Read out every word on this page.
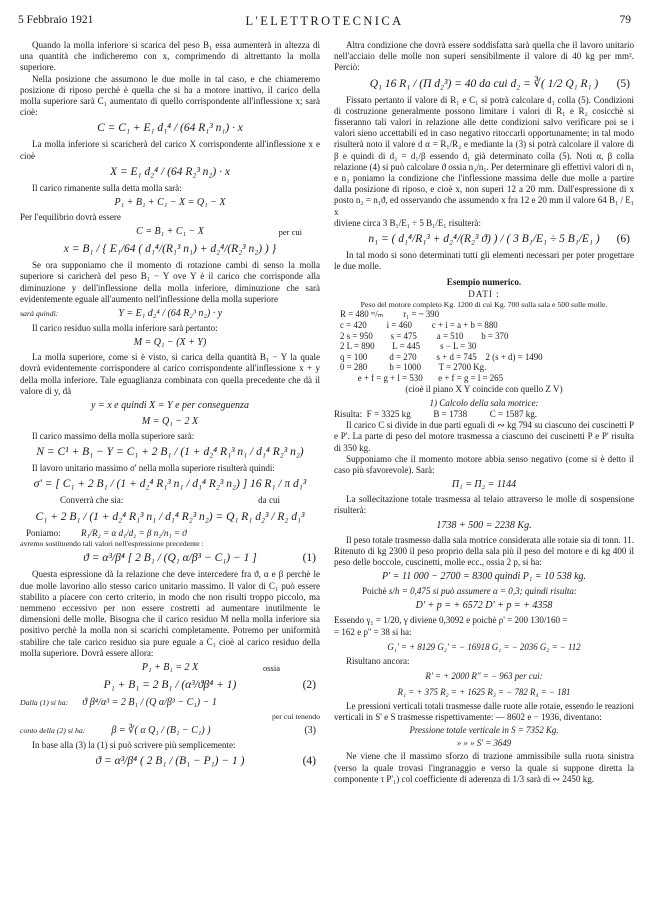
5 Febbraio 1921	L'ELETTROTECNICA	79

Quando la molla inferiore si scarica del peso B₁ essa aumenterà in altezza di una quantità che indicheremo con x, comprimendo di altrettanto la molla superiore.

Nella posizione che assumono le due molle in tal caso, e che chiameremo posizione di riposo perchè è quella che si ha a motore inattivo, il carico della molla superiore sarà C₁ aumentato di quello corrispondente all'inflessione x; sarà cioè:

C = C₁ + E₁ d₁⁴ / (64 R₁³ n₁) · x

La molla inferiore si scaricherà del carico X corrispondente all'inflessione x e cioè

X = E₁ d₂⁴ / (64 R₂³ n₂) · x

Il carico rimanente sulla detta molla sarà:

P₁ + B₁ + C₁ − X = Q₁ − X

Per l'equilibrio dovrà essere

C = B₁ + C₁ − X	per cui
x = B₁ / { E₁/64 ( d₁⁴/(R₁³ n₁) + d₂⁴/(R₂³ n₂) ) }

Se ora supponiamo che il momento di rotazione cambi di senso la molla superiore si caricherà del peso B₁ − Y ove Y è il carico che corrisponde alla diminuzione y dell'inflessione della molla inferiore, diminuzione che sarà evidentemente eguale all'aumento nell'inflessione della molla superiore

sarà quindi:	Y = E₁ d₂⁴ / (64 R₂³ n₂) · y

Il carico residuo sulla molla inferiore sarà pertanto:

M = Q₁ − (X + Y)

La molla superiore, come si è visto, si carica della quantità B₁ − Y la quale dovrà evidentemente corrispondere al carico corrispondente all'inflessione x + y della molla inferiore. Tale eguaglianza combinata con quella precedente che dà il valore di y, dà

y = x e quindi X = Y e per conseguenza
M = Q₁ − 2 X

Il carico massimo della molla superiore sarà:

N = C¹ + B₁ − Y = C₁ + 2 B₁ / (1 + d₂⁴ R₁³ n₁ / d₁⁴ R₂³ n₂)

Il lavoro unitario massimo σ' nella molla superiore risulterà quindi:

σ' = [ C₁ + 2 B₁ / (1 + d₂⁴ R₁³ n₁ / d₁⁴ R₂³ n₂) ] 16 R₁ / π d₁³

Converrà che sia:	da cui

C₁ + 2 B₁ / (1 + d₂⁴ R₁³ n₁ / d₁⁴ R₂³ n₂) = Q₁ R₁ d₂³ / R₂ d₁³

Poniamo: R₁/R₂ = α d₁/d₂ = β n₂/n₁ = ϑ

avremo sostituendo tali valori nell'espressione precedente :

ϑ = α³/β⁴ [ 2 B₁ / (Q₁ α/β³ − C₁) − 1 ]	(1)

Questa espressione dà la relazione che deve intercedere fra ϑ, α e β perchè le due molle lavorino allo stesso carico unitario massimo. Il valor di C₁ può essere stabilito a piacere con certo criterio, in modo che non risulti troppo piccolo, ma nemmeno eccessivo per non essere costretti ad aumentare inutilmente le dimensioni delle molle. Bisogna che il carico residuo M nella molla inferiore sia positivo perchè la molla non si scarichi completamente. Potremo per uniformità stabilire che tale carico residuo sia pure eguale a C₁ cioè al carico residuo della molla superiore. Dovrà essere allora:

P₁ + B₁ = 2 X	ossia
P₁ + B₁ = 2 B₁ / (α³/ϑβ⁴ + 1)	(2)
Dalla (1) si ha: ϑ β⁴/α³ = 2 B₁ / (Q α/β³ − C₁) − 1

per cui tenendo

conto della (2) si ha:	β = ∛( α Q₁ / (B₁ − C₁) )	(3)

In base alla (3) la (1) si può scrivere più semplicemente:

ϑ = α³/β⁴ ( 2 B₁ / (B₁ − P₁) − 1 )	(4)

Altra condizione che dovrà essere soddisfatta sarà quella che il lavoro unitario nell'acciaio delle molle non superi sensibilmente il valore di 40 kg per mm². Perciò:

Q₁ 16 R₁ / (Π d₂³) = 40 da cui d₂ = ∛( 1/2 Q₁ R₁ ) (5)

Fissato pertanto il valore di R₁ e C₁ si potrà calcolare d₁ colla (5). Condizioni di costruzione generalmente possono limitare i valori di R₁ e R₂ cosicchè si fisseranno tali valori in relazione alle dette condizioni salvo verificare poi se i valori sieno accettabili ed in caso negativo ritoccarli opportunamente; in tal modo risulterà noto il valore d α = R₁/R₂ e mediante la (3) si potrà calcolare il valore di β e quindi di d₂ = d₁/β essendo d₁ già determinato colla (5). Noti α, β colla relazione (4) si può calcolare ϑ ossia n₂/n₁. Per determinare gli effettivi valori di n₁ e n₂ poniamo la condizione che l'inflessione massima delle due molle a partire dalla posizione di riposo, e cioè x, non superi 12 a 20 mm. Dall'espressione di x posto n₂ = n₁ϑ, ed osservando che assumendo x fra 12 e 20 mm il valore 64 B₁ / E₁ x

diviene circa 3 B₁/E₁ ÷ 5 B₁/E₁ risulterà:

n₁ = ( d₁⁴/R₁³ + d₂⁴/(R₂³ ϑ) ) / ( 3 B₁/E₁ ÷ 5 B₁/E₁ ) (6)

In tal modo si sono determinati tutti gli elementi necessari per poter progettare le due molle.

Esempio numerico.

DATI :

Peso del motore completo Kg. 1200 di cui Kg. 700 sulla sala e 500 sulle molle.

R = 480 ᵐ/ₘ         r₁ = ~ 390
c = 420         i = 460         c + i = a + b = 880
2 s = 950        s = 475         a = 510        b = 370
2 L = 890        L = 445         s − L = 30
q = 100          d = 270         s + d = 745    2 (s + d) = 1490
0 = 280          b = 1000        T = 2700 Kg.
e + f = g + l = 530       e + f = g = l = 265

(cioè il piano X Y coincide con quello Z V)

1) Calcolo della sala motrice:

Risulta:  F = 3325 kg          B = 1738          C = 1587 kg.

Il carico C si divide in due parti eguali di ∾ kg 794 su ciascuno dei cuscinetti P e P'. La parte di peso del motore trasmessa a ciascuno dei cuscinetti P e P' risulta di 350 kg.

Supponiamo che il momento motore abbia senso negativo (come si è detto il caso più sfavorevole). Sarà:

Π₁ = Π₂ = 1144

La sollecitazione totale trasmessa al telaio attraverso le molle di sospensione risulterà:

1738 + 500 = 2238 Kg.

Il peso totale trasmesso dalla sala motrice considerata alle rotaie sia di tonn. 11. Ritenuto di kg 2300 il peso proprio della sala più il peso del motore e di kg 400 il peso delle boccole, cuscinetti, molle ecc., ossia 2 p, si ha:

P' = 11 000 − 2700 = 8300 quindi P₁ = 10 538 kg.

Poichè s/h = 0,475 si può assumere α = 0,3; quindi risulta:

D' + p = + 6572 D' + p = + 4358

Essendo γ₁ = 1/20, γ diviene 0,3092 e poichè ρ' = 200 130/160 =

= 162 e p'' = 38 si ha:

G₁' = + 8129 G₂' = − 16918 G₁ = − 2036 G₂ = − 112

Risultano ancora:

R' = + 2000 R'' = − 963 per cui:
R₁ = + 375 R₂ = + 1625 R₃ = − 782 R₄ = − 181

Le pressioni verticali totali trasmesse dalle ruote alle rotaie, essendo le reazioni verticali in S' e S trasmesse rispettivamente: — 8602 e − 1936, diventano:

Pressione totale verticale in S = 7352 Kg.
» » » S' = 3649

Ne viene che il massimo sforzo di trazione ammissibile sulla ruota sinistra (verso la quale trovasi l'ingranaggio e verso la quale si suppone diretta la componente τ P'₁) col coefficiente di aderenza di 1/3 sarà di ∾ 2450 kg.
